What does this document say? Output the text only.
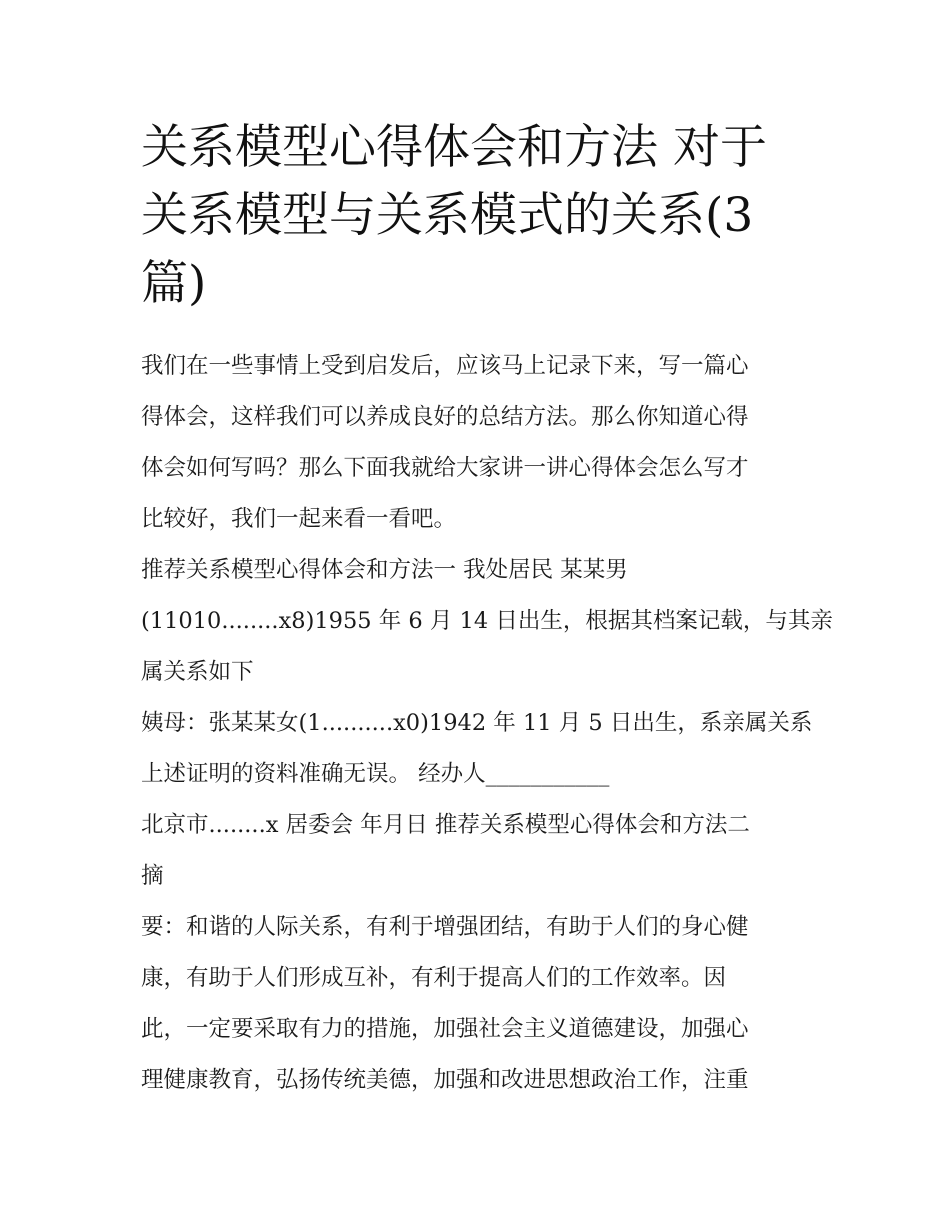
关系模型心得体会和方法 对于
关系模型与关系模式的关系(3
篇)

我们在一些事情上受到启发后，应该马上记录下来，写一篇心
得体会，这样我们可以养成良好的总结方法。那么你知道心得
体会如何写吗？那么下面我就给大家讲一讲心得体会怎么写才
比较好，我们一起来看一看吧。

推荐关系模型心得体会和方法一 我处居民 某某男
(11010........x8)1955 年 6 月 14 日出生，根据其档案记载，与其亲
属关系如下

姨母：张某某女(1..........x0)1942 年 11 月 5 日出生，系亲属关系

上述证明的资料准确无误。 经办人___________

北京市........x 居委会 年月日 推荐关系模型心得体会和方法二
摘

要：和谐的人际关系，有利于增强团结，有助于人们的身心健
康，有助于人们形成互补，有利于提高人们的工作效率。因
此，一定要采取有力的措施，加强社会主义道德建设，加强心
理健康教育，弘扬传统美德，加强和改进思想政治工作，注重
